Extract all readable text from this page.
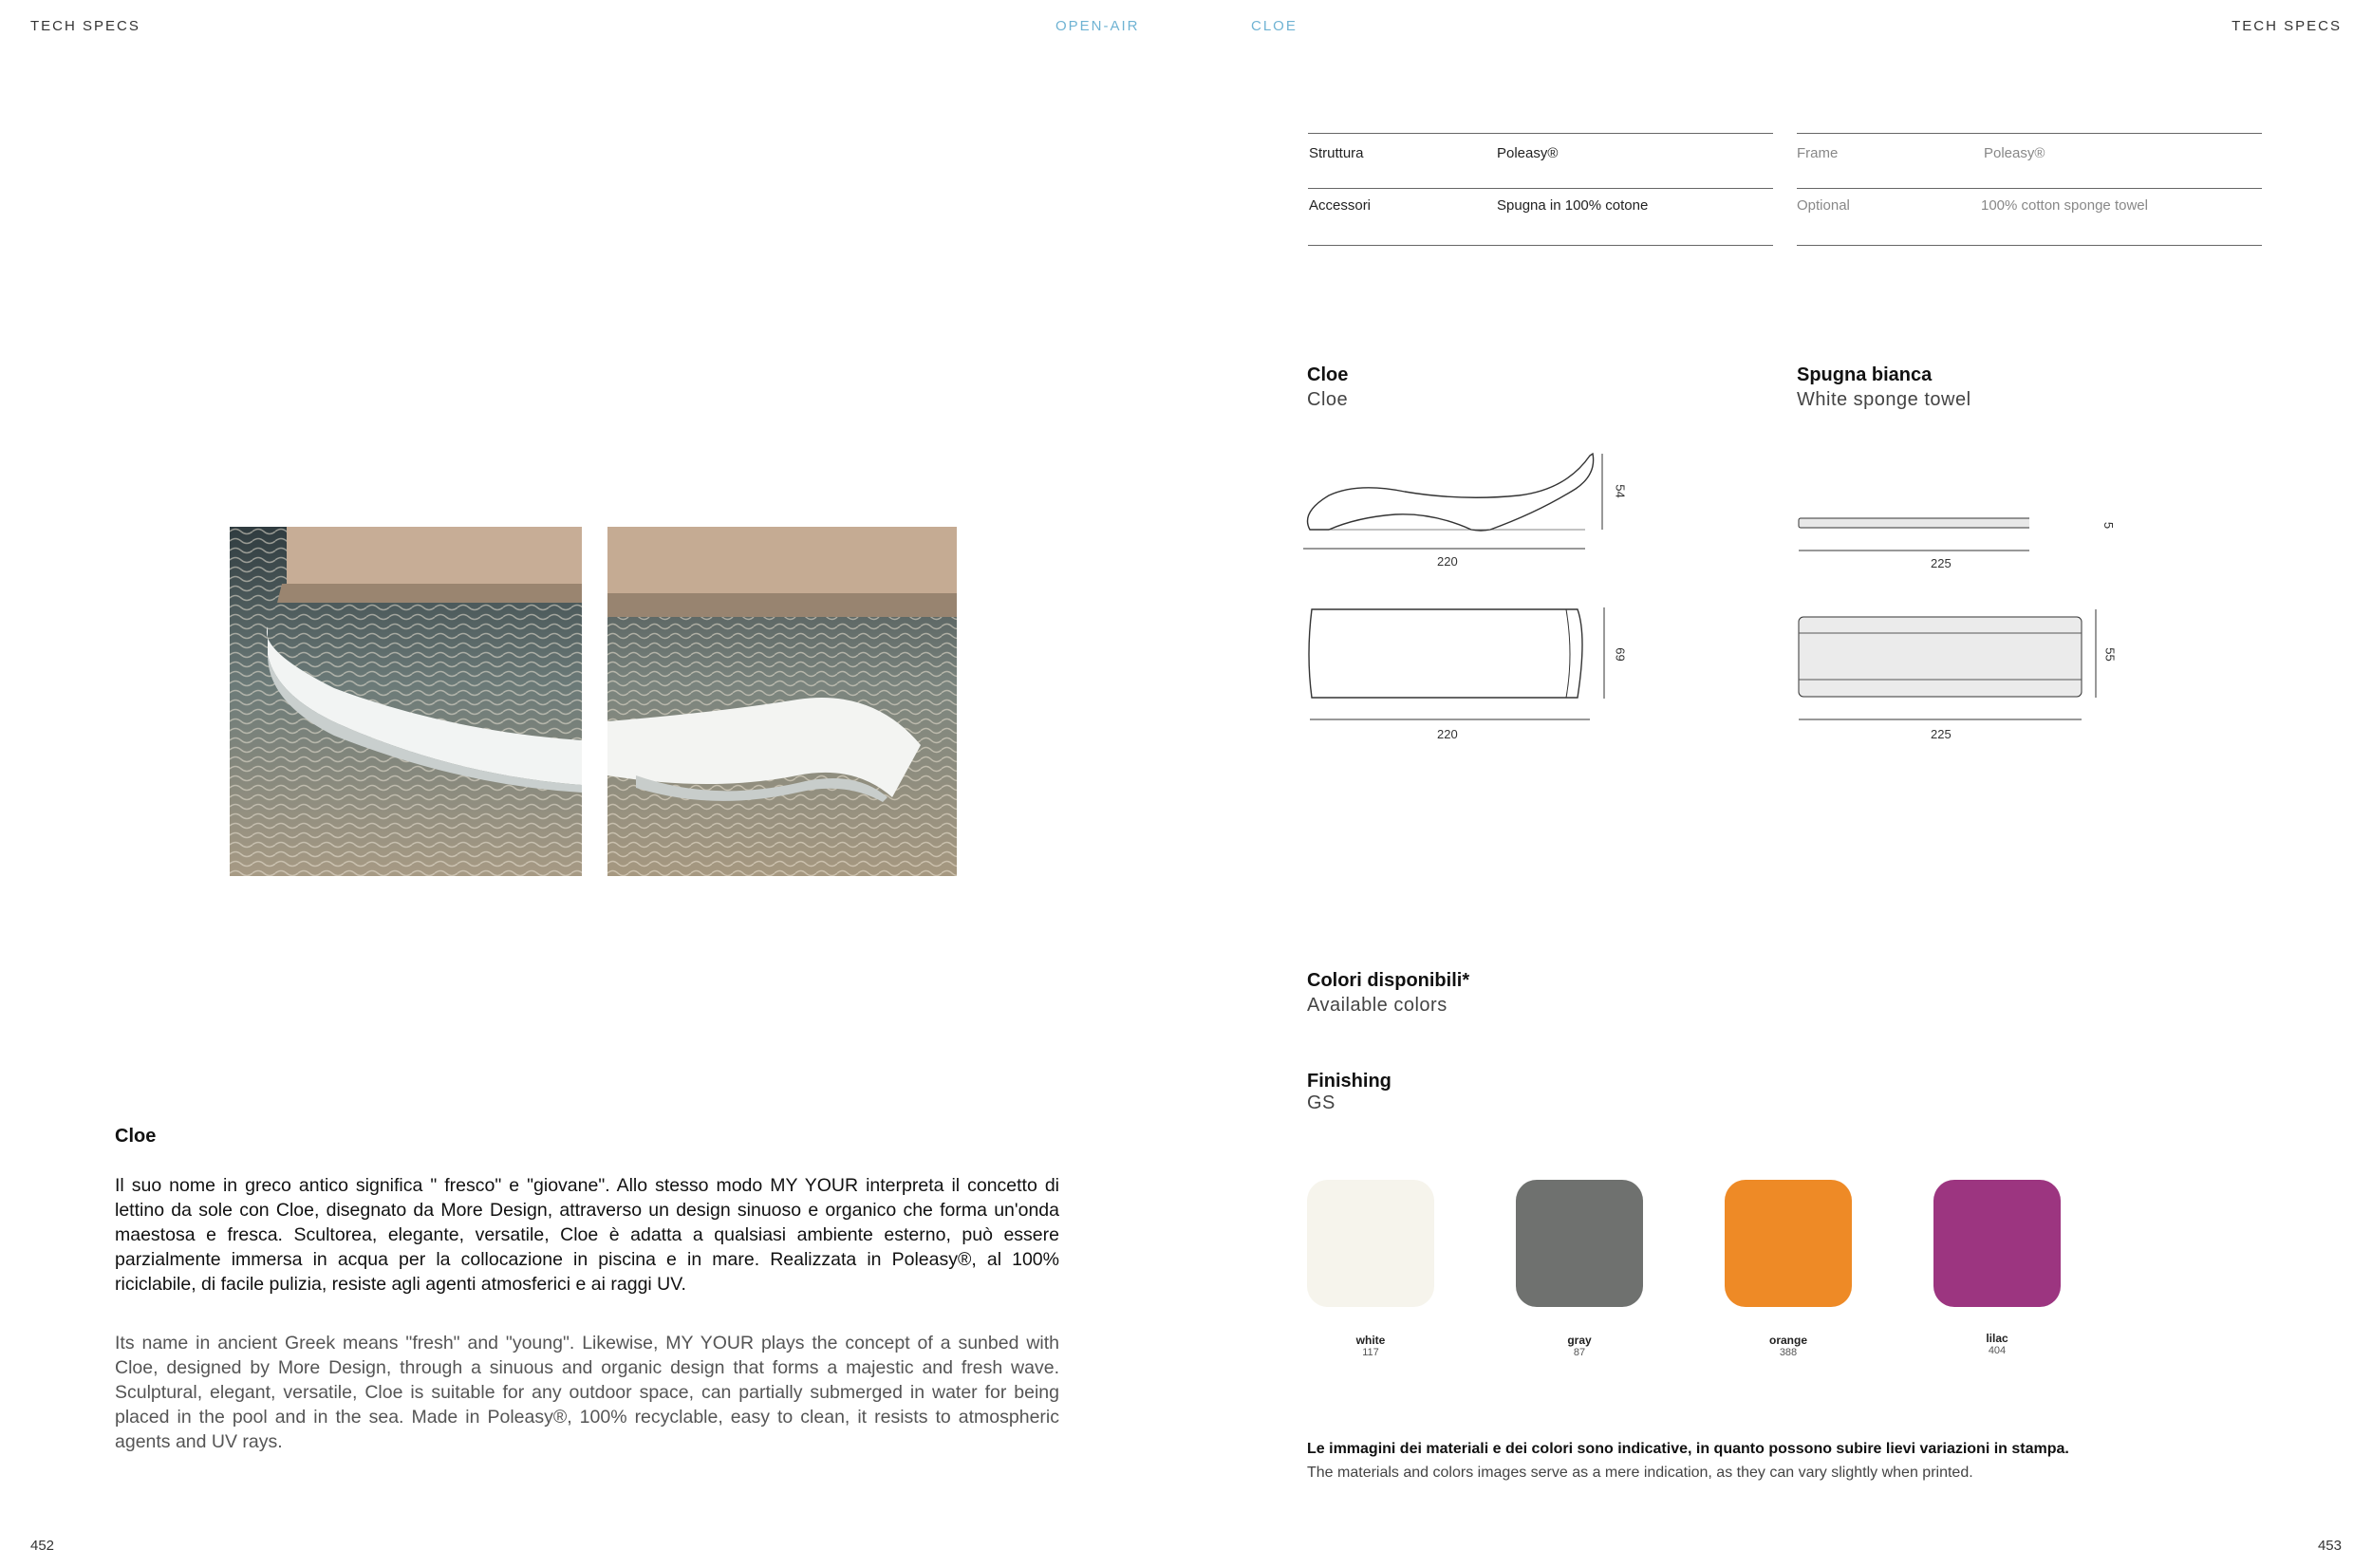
TECH SPECS	OPEN-AIR	CLOE	TECH SPECS
Cloe
Il suo nome in greco antico significa " fresco" e "giovane". Allo stesso modo MY YOUR interpreta il concetto di lettino da sole con Cloe, disegnato da More Design, attraverso un design sinuoso e organico che forma un'onda maestosa e fresca. Scultorea, elegante, versatile, Cloe è adatta a qualsiasi ambiente esterno, può essere parzialmente immersa in acqua per la collocazione in piscina e in mare. Realizzata in Poleasy®, al 100% riciclabile, di facile pulizia, resiste agli agenti atmosferici e ai raggi UV.
Its name in ancient Greek means "fresh" and "young". Likewise, MY YOUR plays the concept of a sunbed with Cloe, designed by More Design, through a sinuous and organic design that forms a majestic and fresh wave. Sculptural, elegant, versatile, Cloe is suitable for any outdoor space, can partially submerged in water for being placed in the pool and in the sea. Made in Poleasy®, 100% recyclable, easy to clean, it resists to atmospheric agents and UV rays.
452	453
Struttura	Poleasy®
Accessori	Spugna in 100% cotone
Frame	Poleasy®
Optional	100% cotton sponge towel
Cloe
Cloe
220
54
220
69
Spugna bianca
White sponge towel
225
5
225
55
Colori disponibili*
Available colors
Finishing
GS
white
117
gray
87
orange
388
lilac
404
Le immagini dei materiali e dei colori sono indicative, in quanto possono subire lievi variazioni in stampa.
The materials and colors images serve as a mere indication, as they can vary slightly when printed.
